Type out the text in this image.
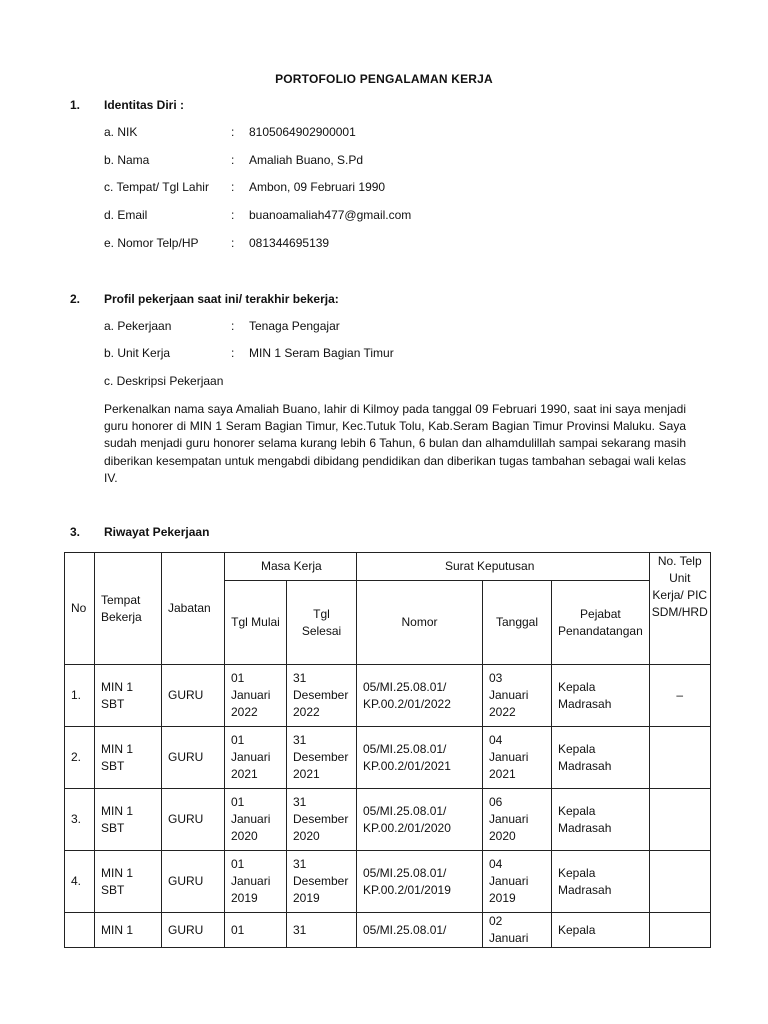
PORTOFOLIO PENGALAMAN KERJA
1. Identitas Diri :
a. NIK	: 8105064902900001
b. Nama	: Amaliah Buano, S.Pd
c. Tempat/ Tgl Lahir : Ambon, 09 Februari 1990
d. Email	: buanoamaliah477@gmail.com
e. Nomor Telp/HP	: 081344695139
2. Profil pekerjaan saat ini/ terakhir bekerja:
a. Pekerjaan	: Tenaga Pengajar
b. Unit Kerja	: MIN 1 Seram Bagian Timur
c. Deskripsi Pekerjaan
Perkenalkan nama saya Amaliah Buano, lahir di Kilmoy pada tanggal 09 Februari 1990, saat ini saya menjadi guru honorer di MIN 1 Seram Bagian Timur, Kec.Tutuk Tolu, Kab.Seram Bagian Timur Provinsi Maluku. Saya sudah menjadi guru honorer selama kurang lebih 6 Tahun, 6 bulan dan alhamdulillah sampai sekarang masih diberikan kesempatan untuk mengabdi dibidang pendidikan dan diberikan tugas tambahan sebagai wali kelas IV.
3. Riwayat Pekerjaan
No	Tempat Bekerja	Jabatan	Masa Kerja		Surat Keputusan			No. Telp Unit Kerja/ PIC SDM/HRD
			Tgl Mulai	Tgl Selesai	Nomor	Tanggal	Pejabat Penandatangan	
1.	MIN 1 SBT	GURU	01 Januari 2022	31 Desember 2022	05/MI.25.08.01/ KP.00.2/01/2022	03 Januari 2022	Kepala Madrasah	–
2.	MIN 1 SBT	GURU	01 Januari 2021	31 Desember 2021	05/MI.25.08.01/ KP.00.2/01/2021	04 Januari 2021	Kepala Madrasah	
3.	MIN 1 SBT	GURU	01 Januari 2020	31 Desember 2020	05/MI.25.08.01/ KP.00.2/01/2020	06 Januari 2020	Kepala Madrasah	
4.	MIN 1 SBT	GURU	01 Januari 2019	31 Desember 2019	05/MI.25.08.01/ KP.00.2/01/2019	04 Januari 2019	Kepala Madrasah	
	MIN 1	GURU	01	31	05/MI.25.08.01/	02 Januari	Kepala	
